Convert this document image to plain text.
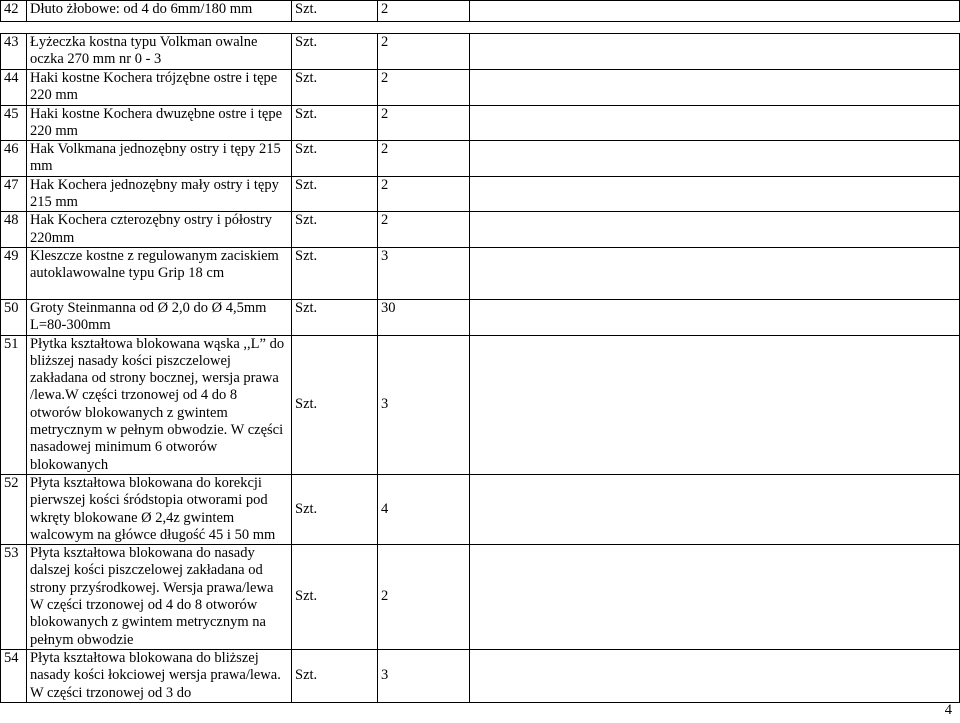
42	Dłuto żłobowe: od 4 do 6mm/180 mm	Szt.	2	

43	Łyżeczka kostna typu Volkman owalne oczka 270 mm nr 0 - 3	Szt.	2	
44	Haki kostne Kochera trójzębne ostre i tępe 220 mm	Szt.	2	
45	Haki kostne Kochera dwuzębne ostre i tępe 220 mm	Szt.	2	
46	Hak Volkmana jednozębny ostry i tępy 215 mm	Szt.	2	
47	Hak Kochera jednozębny mały ostry i tępy 215 mm	Szt.	2	
48	Hak Kochera czterozębny ostry i półostry 220mm	Szt.	2	
49	Kleszcze kostne z regulowanym zaciskiem autoklawowalne typu Grip 18 cm	Szt.	3	
50	Groty Steinmanna od Ø 2,0 do Ø 4,5mm L=80-300mm	Szt.	30	
51	Płytka kształtowa blokowana wąska ,,L” do bliższej nasady kości piszczelowej zakładana od strony bocznej, wersja prawa /lewa.W części trzonowej od 4 do 8 otworów blokowanych z gwintem metrycznym w pełnym obwodzie. W części nasadowej minimum 6 otworów blokowanych	Szt.	3	
52	Płyta kształtowa blokowana do korekcji pierwszej kości śródstopia otworami pod wkręty blokowane Ø 2,4z gwintem walcowym na główce długość 45 i 50 mm	Szt.	4	
53	Płyta kształtowa blokowana do nasady dalszej kości piszczelowej zakładana od strony przyśrodkowej. Wersja prawa/lewa W części trzonowej od 4 do 8 otworów blokowanych z gwintem metrycznym na pełnym obwodzie	Szt.	2	
54	Płyta kształtowa blokowana do bliższej nasady kości łokciowej wersja prawa/lewa. W części trzonowej od 3 do	Szt.	3	
4
